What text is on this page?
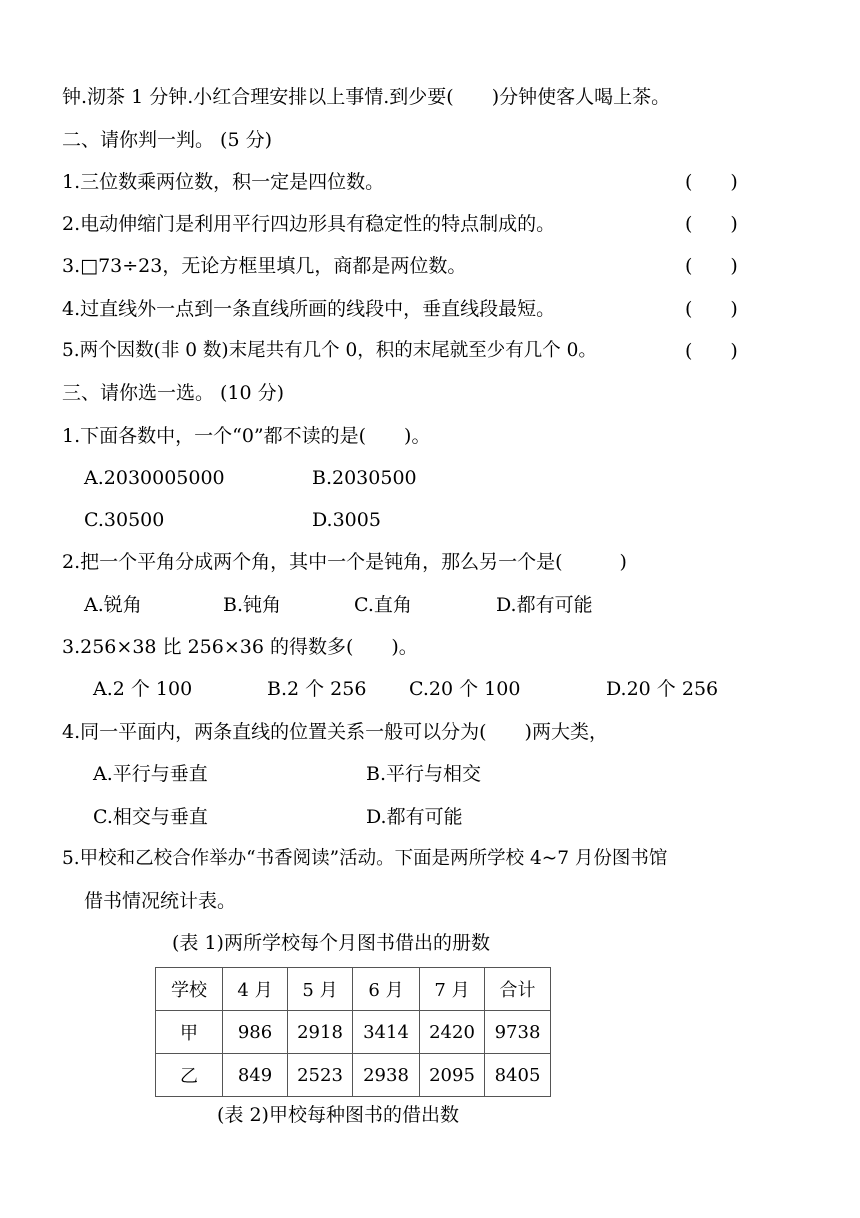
钟.沏茶 1 分钟.小红合理安排以上事情.到少要(　　)分钟使客人喝上茶。
二、请你判一判。 (5 分)
1.三位数乘两位数，积一定是四位数。	(　　)
2.电动伸缩门是利用平行四边形具有稳定性的特点制成的。	(　　)
3.□73÷23，无论方框里填几，商都是两位数。	(　　)
4.过直线外一点到一条直线所画的线段中，垂直线段最短。	(　　)
5.两个因数(非 0 数)末尾共有几个 0，积的末尾就至少有几个 0。	(　　)
三、请你选一选。 (10 分)
1.下面各数中，一个“0”都不读的是(　　)。
A.2030005000	B.2030500
C.30500	D.3005
2.把一个平角分成两个角，其中一个是钝角，那么另一个是(　　　)
A.锐角	B.钝角	C.直角	D.都有可能
3.256×38 比 256×36 的得数多(　　)。
A.2 个 100	B.2 个 256 C.20 个 100	D.20 个 256
4.同一平面内，两条直线的位置关系一般可以分为(　　)两大类，
A.平行与垂直	B.平行与相交
C.相交与垂直	D.都有可能
5.甲校和乙校合作举办“书香阅读”活动。下面是两所学校 4~7 月份图书馆
借书情况统计表。
(表 1)两所学校每个月图书借出的册数
学校	4 月	5 月	6 月	7 月	合计
甲	986	2918	3414	2420	9738
乙	849	2523	2938	2095	8405
(表 2)甲校每种图书的借出数
